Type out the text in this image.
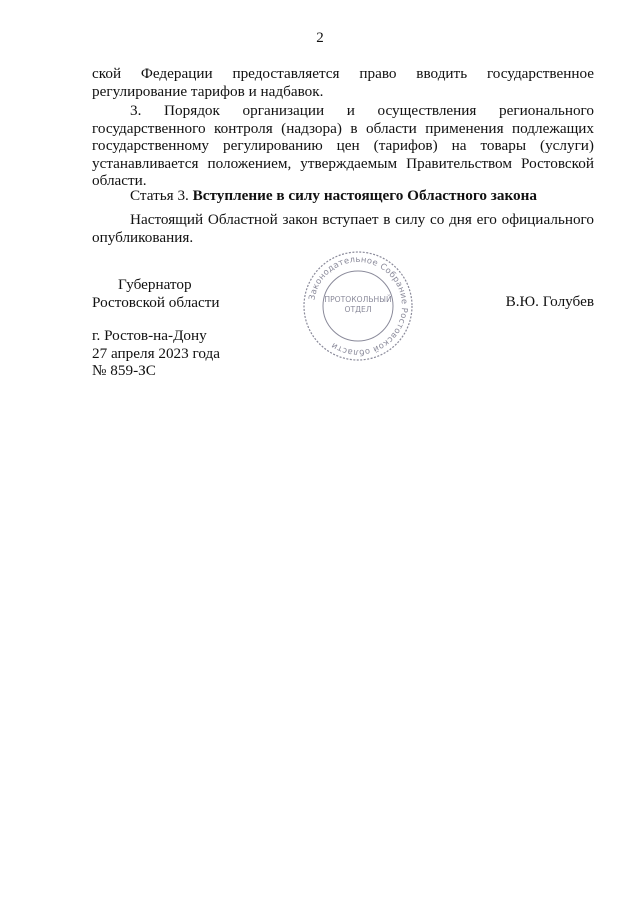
2

ской Федерации предоставляется право вводить государственное регулирование тарифов и надбавок.

3. Порядок организации и осуществления регионального государственного контроля (надзора) в области применения подлежащих государственному регулированию цен (тарифов) на товары (услуги) устанавливается положением, утверждаемым Правительством Ростовской области.

Статья 3. Вступление в силу настоящего Областного закона

Настоящий Областной закон вступает в силу со дня его официального опубликования.

Губернатор
Ростовской области	В.Ю. Голубев
г. Ростов-на-Дону
27 апреля 2023 года
№ 859-ЗС
Законодательное Собрание Ростовской области
ПРОТОКОЛЬНЫЙ
ОТДЕЛ
